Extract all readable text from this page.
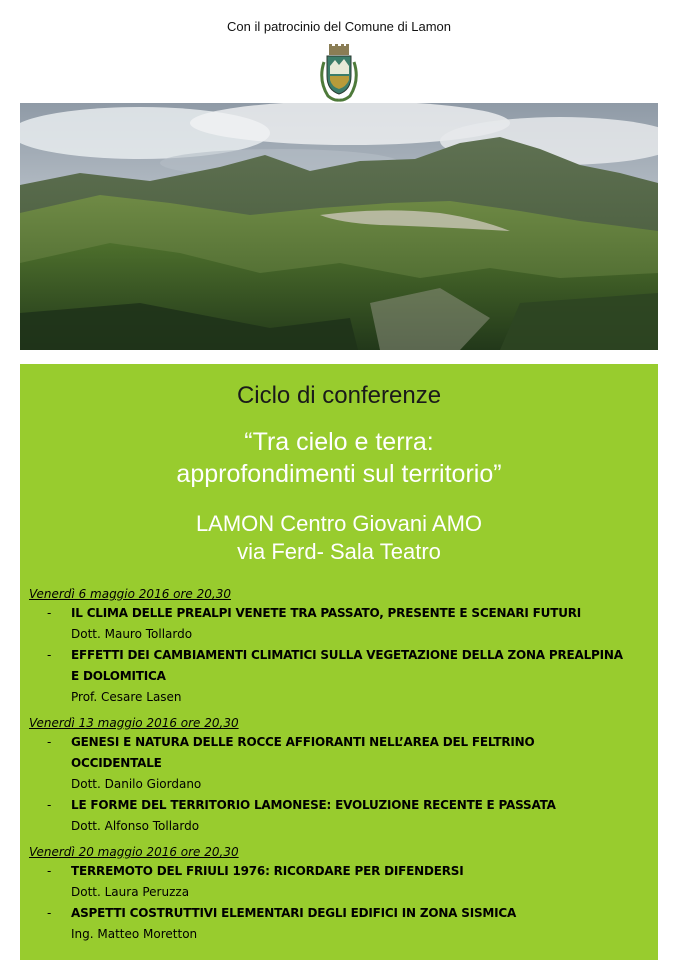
Con il patrocinio del Comune di Lamon
Ciclo di conferenze
“Tra cielo e terra:
approfondimenti sul territorio”
LAMON Centro Giovani AMO
via Ferd- Sala Teatro
Venerdì 6 maggio 2016 ore 20,30
- IL CLIMA DELLE PREALPI VENETE TRA PASSATO, PRESENTE E SCENARI FUTURI
Dott. Mauro Tollardo
- EFFETTI DEI CAMBIAMENTI CLIMATICI SULLA VEGETAZIONE DELLA ZONA PREALPINA E DOLOMITICA
Prof. Cesare Lasen
Venerdì 13 maggio 2016 ore 20,30
- GENESI E NATURA DELLE ROCCE AFFIORANTI NELL’AREA DEL FELTRINO OCCIDENTALE
Dott. Danilo Giordano
- LE FORME DEL TERRITORIO LAMONESE: EVOLUZIONE RECENTE E PASSATA
Dott. Alfonso Tollardo
Venerdì 20 maggio 2016 ore 20,30
- TERREMOTO DEL FRIULI 1976: RICORDARE PER DIFENDERSI
Dott. Laura Peruzza
- ASPETTI COSTRUTTIVI ELEMENTARI DEGLI EDIFICI IN ZONA SISMICA
Ing. Matteo Moretton
